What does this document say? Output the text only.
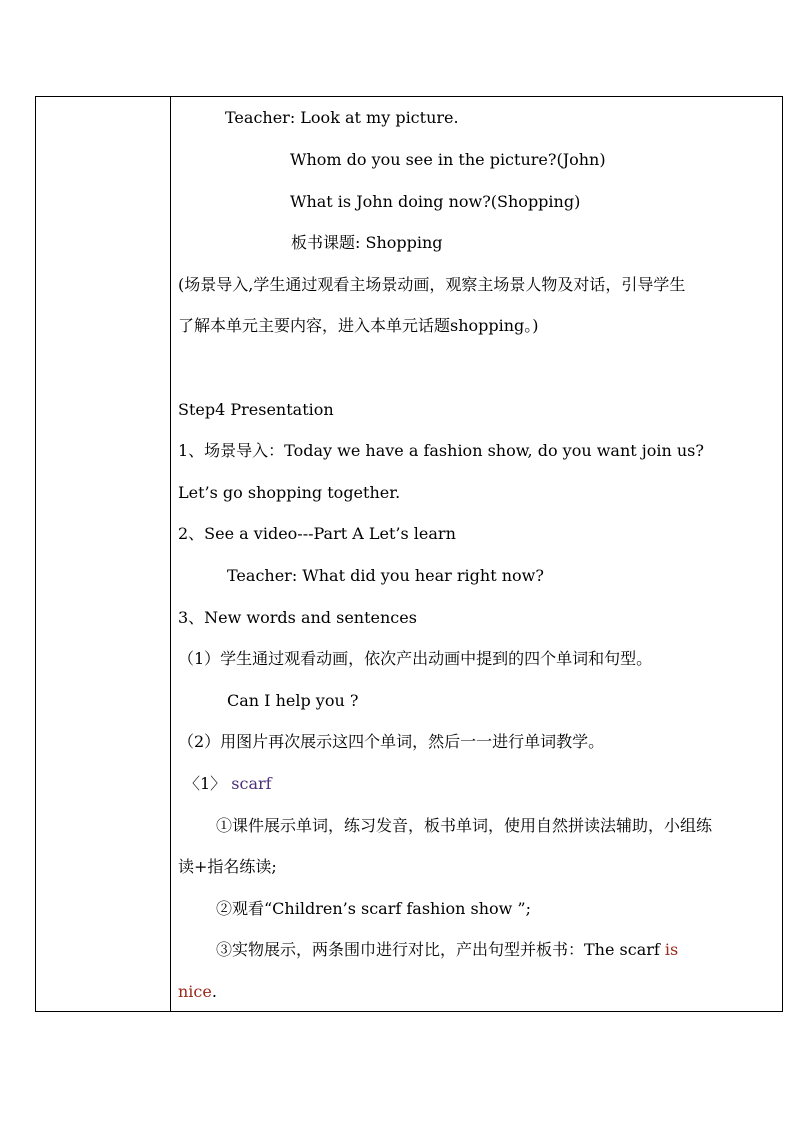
Teacher: Look at my picture.
Whom do you see in the picture?(John)
What is John doing now?(Shopping)
板书课题: Shopping
(场景导入,学生通过观看主场景动画，观察主场景人物及对话，引导学生
了解本单元主要内容，进入本单元话题shopping。)
Step4 Presentation
1、场景导入：Today we have a fashion show, do you want join us?
Let’s go shopping together.
2、See a video---Part A Let’s learn
Teacher: What did you hear right now?
3、New words and sentences
（1）学生通过观看动画，依次产出动画中提到的四个单词和句型。
Can I help you ?
（2）用图片再次展示这四个单词，然后一一进行单词教学。
〈1〉 scarf
①课件展示单词，练习发音，板书单词，使用自然拼读法辅助，小组练
读+指名练读;
②观看“Children’s scarf fashion show ”;
③实物展示，两条围巾进行对比，产出句型并板书：The scarf is
nice.
